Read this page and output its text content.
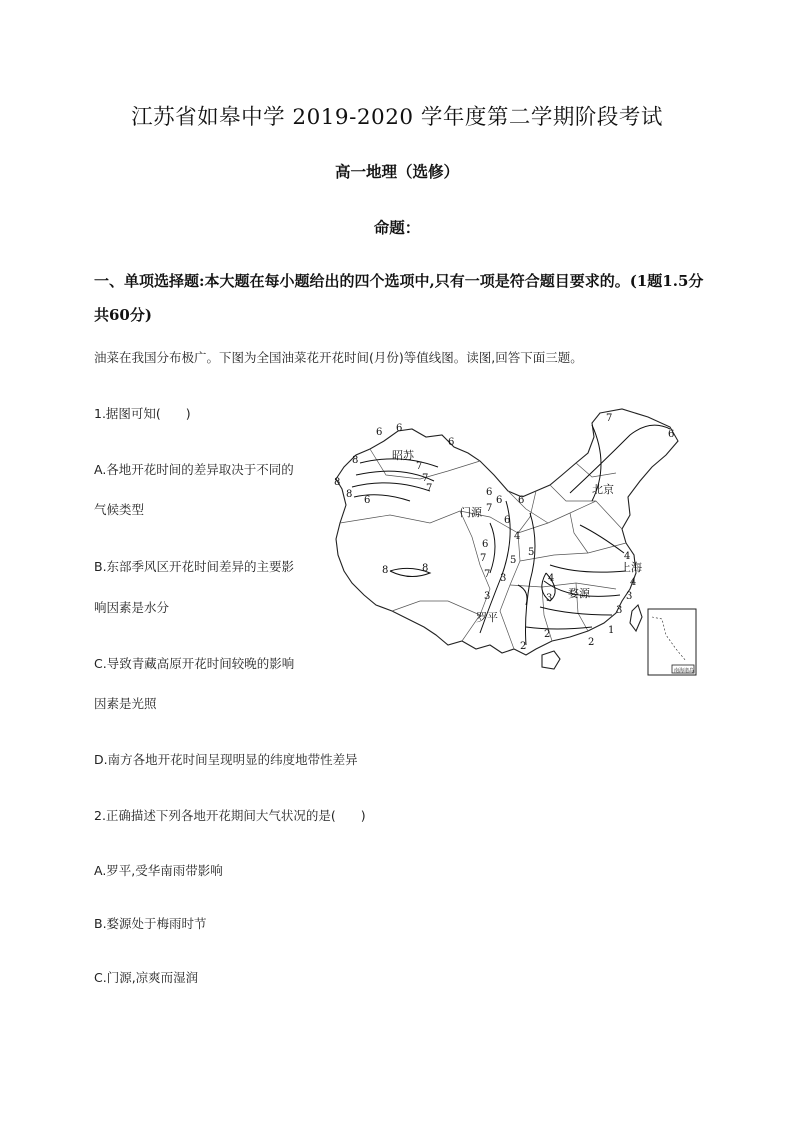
江苏省如皋中学 2019-2020 学年度第二学期阶段考试
高一地理（选修）
命题：
一、单项选择题:本大题在每小题给出的四个选项中,只有一项是符合题目要求的。(1题1.5分共60分)
油菜在我国分布极广。下图为全国油菜花开花时间(月份)等值线图。读图,回答下面三题。
1.据图可知(　　)
A.各地开花时间的差异取决于不同的
气候类型
B.东部季风区开花时间差异的主要影
响因素是水分
C.导致青藏高原开花时间较晚的影响
因素是光照
D.南方各地开花时间呈现明显的纬度地带性差异
2.正确描述下列各地开花期间大气状况的是(　　)
A.罗平,受华南雨带影响
B.婺源处于梅雨时节
C.门源,凉爽而湿润
昭苏
门源
北京
上海
婺源
罗平
南海诸岛
7
6
6 6
8
8
7
7
6
7
8
6
6
6
7
8	8
6
6
5
5
6
7
7
4
4
3
4
3
3
2
2
2
1
3
3
4
